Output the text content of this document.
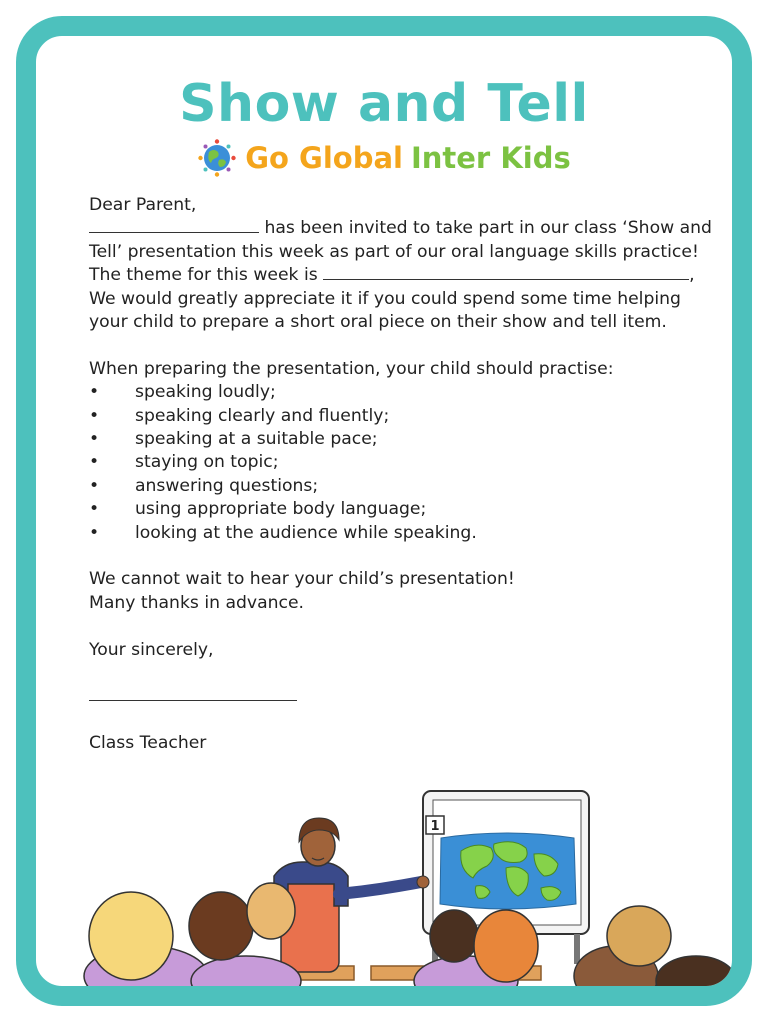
Show and Tell
Go Global Inter Kids

Dear Parent,

has been invited to take part in our class ‘Show and Tell’ presentation this week as part of our oral language skills practice!

The theme for this week is	,

We would greatly appreciate it if you could spend some time helping your child to prepare a short oral piece on their show and tell item.

When preparing the presentation, your child should practise:

• speaking loudly;
• speaking clearly and fluently;
• speaking at a suitable pace;
• staying on topic;
• answering questions;
• using appropriate body language;
• looking at the audience while speaking.

We cannot wait to hear your child’s presentation!

Many thanks in advance.

Your sincerely,

Class Teacher

1
